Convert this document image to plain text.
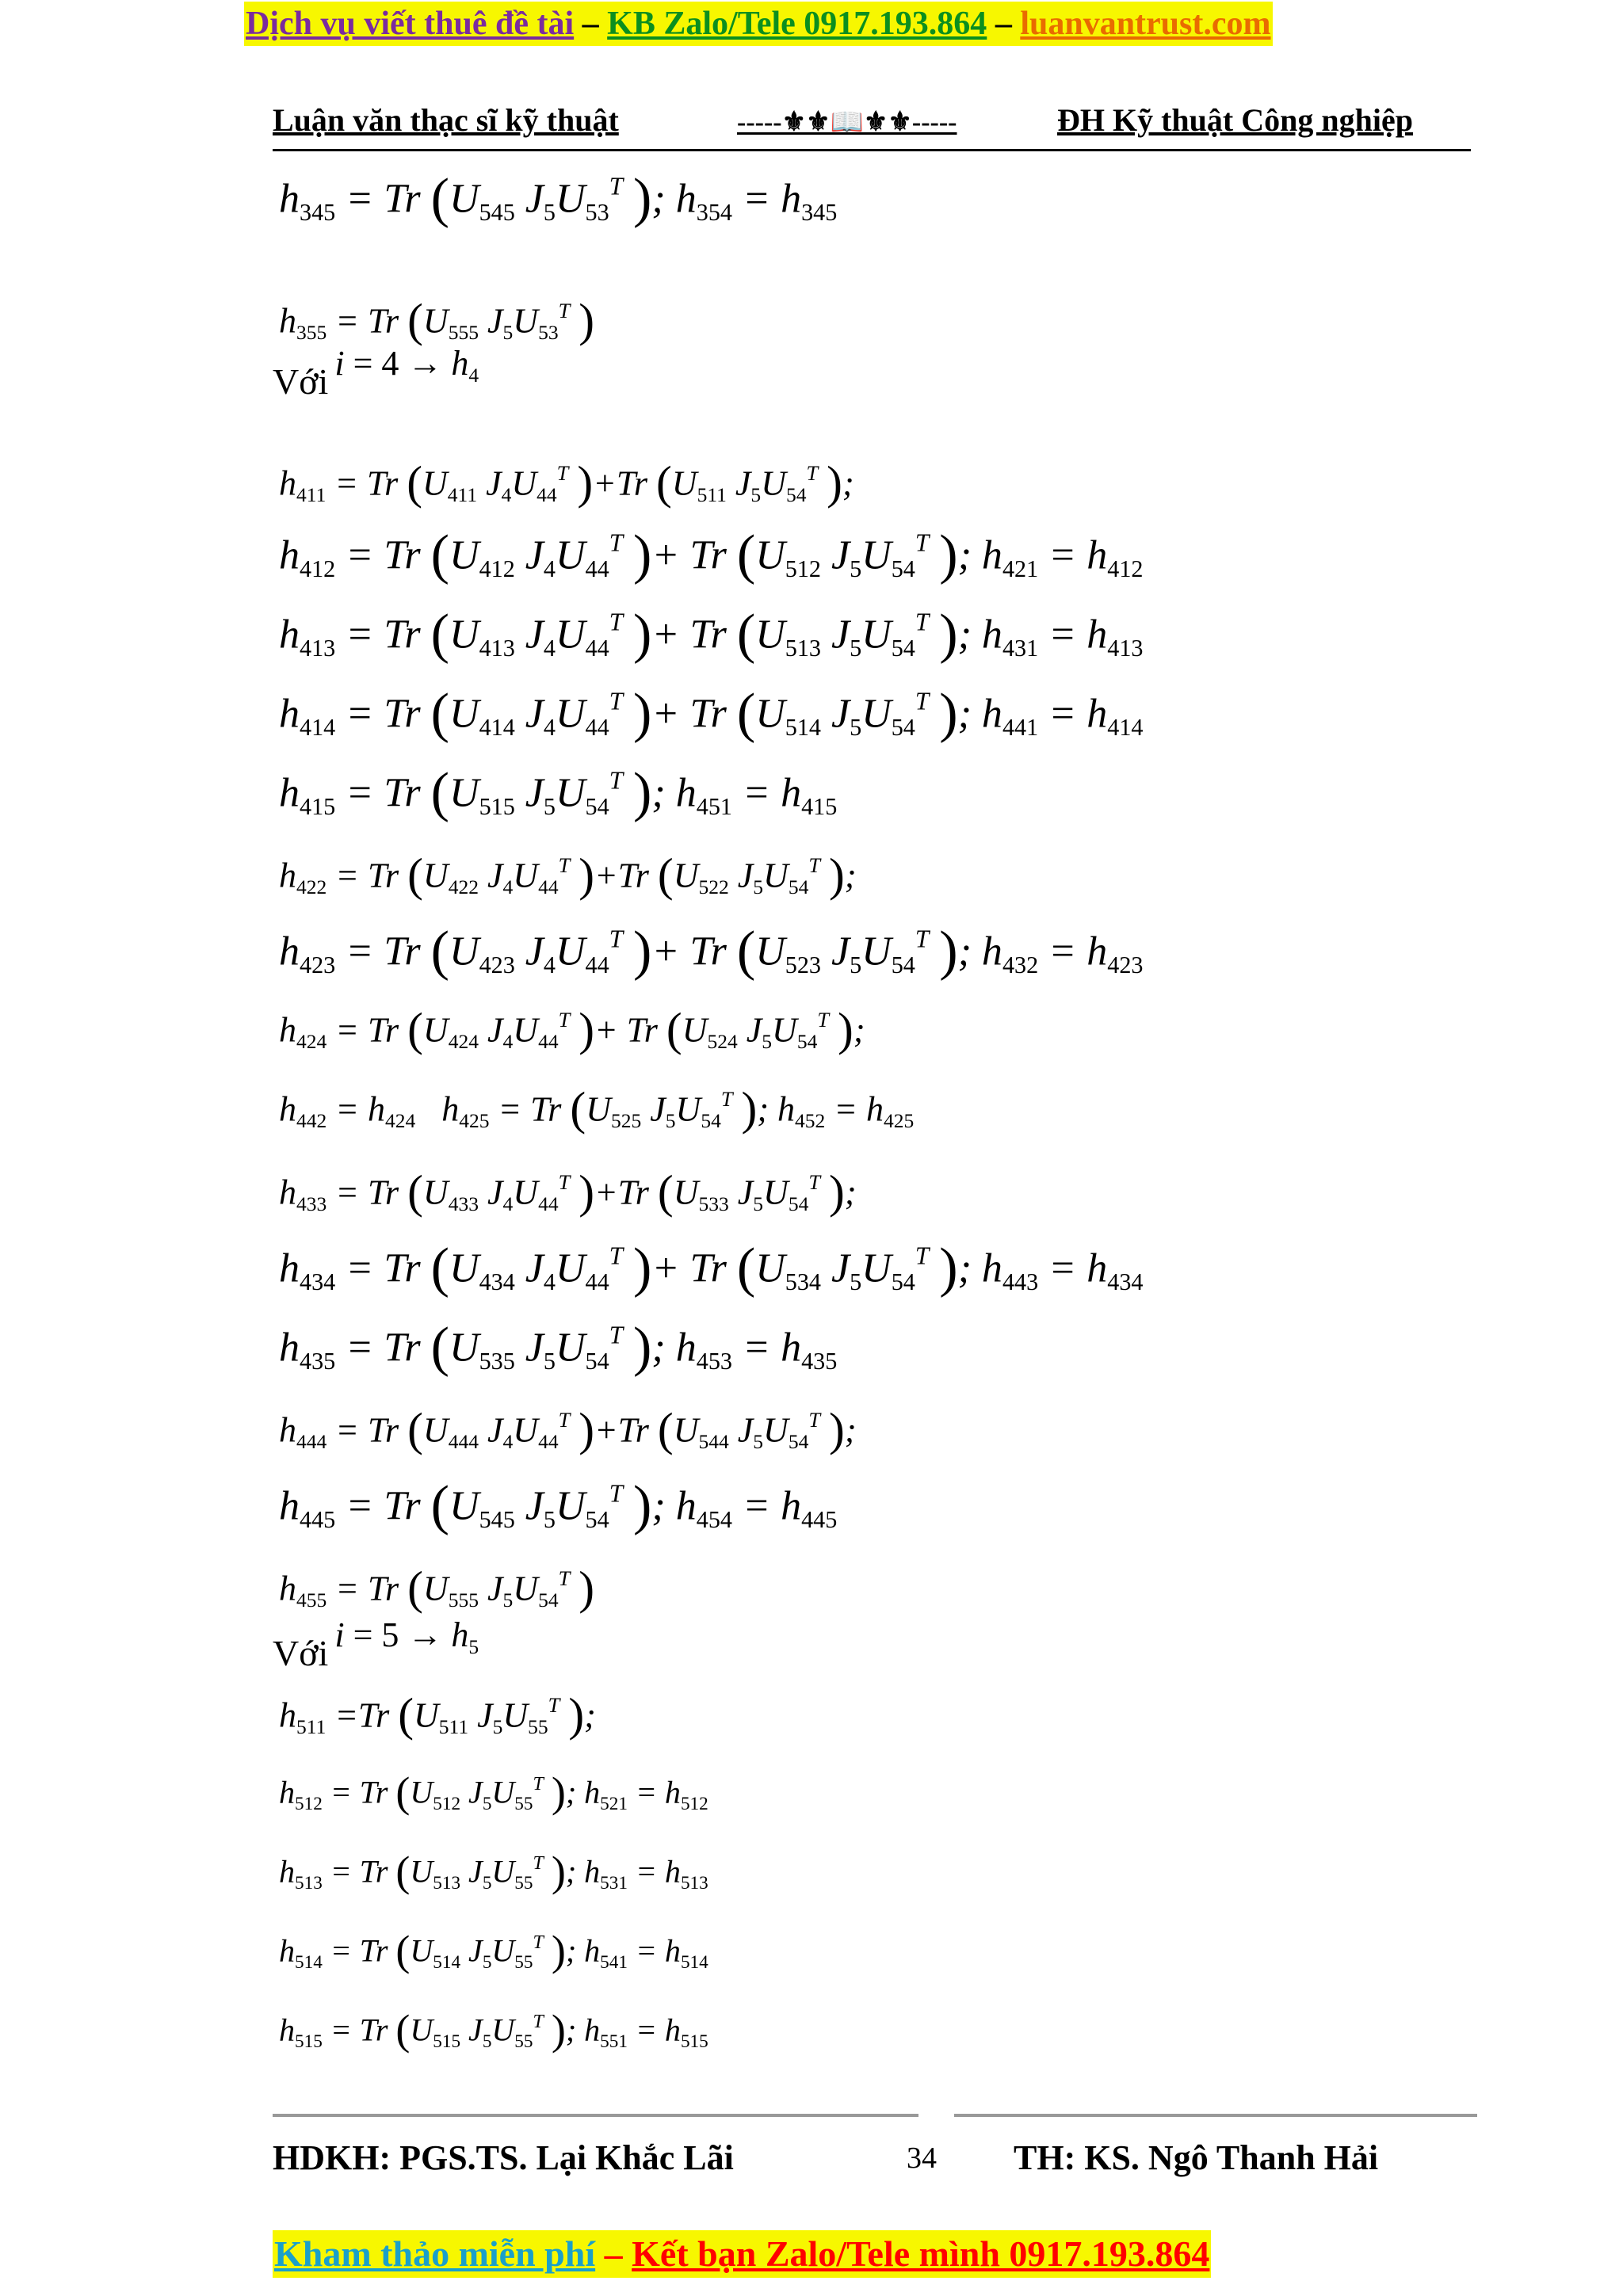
Dịch vụ viết thuê đề tài – KB Zalo/Tele 0917.193.864 – luanvantrust.com
Luận văn thạc sĩ kỹ thuật	-----⚜⚜📖⚜⚜-----	ĐH Kỹ thuật Công nghiệp
Với $i = 4 \to h_4$
Với $i = 5 \to h_5$
$h_{345} = Tr$ ($U_{545}$ $J_5U_{53}^T$ ); $h_{354} = h_{345}$
$h_{355} = Tr$ ($U_{555}$ $J_5U_{53}^T$ )
$h_{411} = Tr$ ($U_{411}$ $J_4U_{44}^T$ )+Tr ($U_{511}$ $J_5U_{54}^T$ );
$h_{412} = Tr$ ($U_{412}$ $J_4U_{44}^T$ )+ Tr ($U_{512}$ $J_5U_{54}^T$ ); $h_{421} = h_{412}$
$h_{413} = Tr$ ($U_{413}$ $J_4U_{44}^T$ )+ Tr ($U_{513}$ $J_5U_{54}^T$ ); $h_{431} = h_{413}$
$h_{414} = Tr$ ($U_{414}$ $J_4U_{44}^T$ )+ Tr ($U_{514}$ $J_5U_{54}^T$ ); $h_{441} = h_{414}$
$h_{415} = Tr$ ($U_{515}$ $J_5U_{54}^T$ ); $h_{451} = h_{415}$
$h_{422} = Tr$ ($U_{422}$ $J_4U_{44}^T$ )+Tr ($U_{522}$ $J_5U_{54}^T$ );
$h_{423} = Tr$ ($U_{423}$ $J_4U_{44}^T$ )+ Tr ($U_{523}$ $J_5U_{54}^T$ ); $h_{432} = h_{423}$
$h_{424} = Tr$ ($U_{424}$ $J_4U_{44}^T$ )+ Tr ($U_{524}$ $J_5U_{54}^T$ );
$h_{442} = h_{424}$   $h_{425} = Tr$ ($U_{525}$ $J_5U_{54}^T$ ); $h_{452} = h_{425}$
$h_{433} = Tr$ ($U_{433}$ $J_4U_{44}^T$ )+Tr ($U_{533}$ $J_5U_{54}^T$ );
$h_{434} = Tr$ ($U_{434}$ $J_4U_{44}^T$ )+ Tr ($U_{534}$ $J_5U_{54}^T$ ); $h_{443} = h_{434}$
$h_{435} = Tr$ ($U_{535}$ $J_5U_{54}^T$ ); $h_{453} = h_{435}$
$h_{444} = Tr$ ($U_{444}$ $J_4U_{44}^T$ )+Tr ($U_{544}$ $J_5U_{54}^T$ );
$h_{445} = Tr$ ($U_{545}$ $J_5U_{54}^T$ ); $h_{454} = h_{445}$
$h_{455} = Tr$ ($U_{555}$ $J_5U_{54}^T$ )
$h_{511} =Tr$ ($U_{511}$ $J_5U_{55}^T$ );
$h_{512} = Tr$ ($U_{512}$ $J_5U_{55}^T$ ); $h_{521} = h_{512}$
$h_{513} = Tr$ ($U_{513}$ $J_5U_{55}^T$ ); $h_{531} = h_{513}$
$h_{514} = Tr$ ($U_{514}$ $J_5U_{55}^T$ ); $h_{541} = h_{514}$
$h_{515} = Tr$ ($U_{515}$ $J_5U_{55}^T$ ); $h_{551} = h_{515}$
HDKH: PGS.TS. Lại Khắc Lãi	34 TH: KS. Ngô Thanh Hải
Kham thảo miễn phí – Kết bạn Zalo/Tele mình 0917.193.864
